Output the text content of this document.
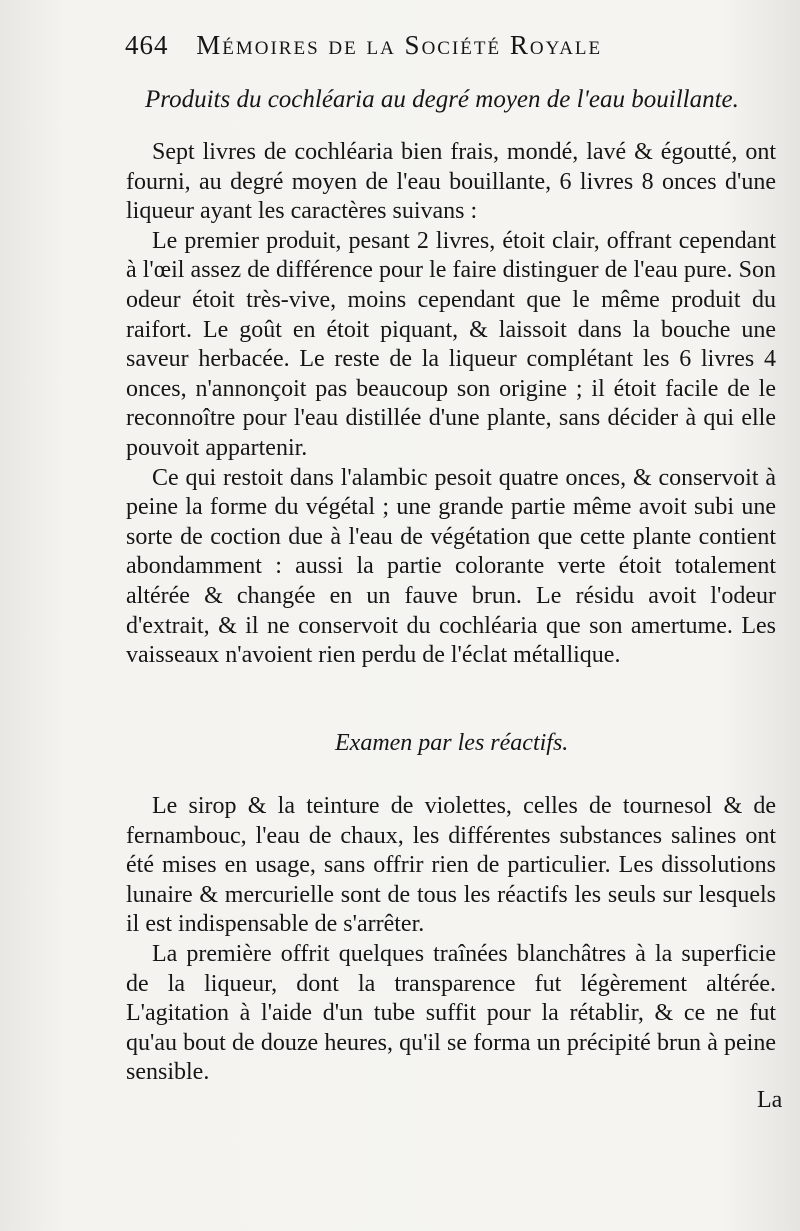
464 Mémoires de la Société Royale
Produits du cochléaria au degré moyen de l'eau bouillante.

Sept livres de cochléaria bien frais, mondé, lavé & égoutté, ont fourni, au degré moyen de l'eau bouillante, 6 livres 8 onces d'une liqueur ayant les caractères suivans :

Le premier produit, pesant 2 livres, étoit clair, offrant cependant à l'œil assez de différence pour le faire distinguer de l'eau pure. Son odeur étoit très-vive, moins cependant que le même produit du raifort. Le goût en étoit piquant, & laissoit dans la bouche une saveur herbacée. Le reste de la liqueur complétant les 6 livres 4 onces, n'annonçoit pas beaucoup son origine ; il étoit facile de le reconnoître pour l'eau distillée d'une plante, sans décider à qui elle pouvoit appartenir.

Ce qui restoit dans l'alambic pesoit quatre onces, & conservoit à peine la forme du végétal ; une grande partie même avoit subi une sorte de coction due à l'eau de végétation que cette plante contient abondamment : aussi la partie colorante verte étoit totalement altérée & changée en un fauve brun. Le résidu avoit l'odeur d'extrait, & il ne conservoit du cochléaria que son amertume. Les vaisseaux n'avoient rien perdu de l'éclat métallique.

Examen par les réactifs.

Le sirop & la teinture de violettes, celles de tournesol & de fernambouc, l'eau de chaux, les différentes substances salines ont été mises en usage, sans offrir rien de particulier. Les dissolutions lunaire & mercurielle sont de tous les réactifs les seuls sur lesquels il est indispensable de s'arrêter.

La première offrit quelques traînées blanchâtres à la superficie de la liqueur, dont la transparence fut légèrement altérée. L'agitation à l'aide d'un tube suffit pour la rétablir, & ce ne fut qu'au bout de douze heures, qu'il se forma un précipité brun à peine sensible.

La
